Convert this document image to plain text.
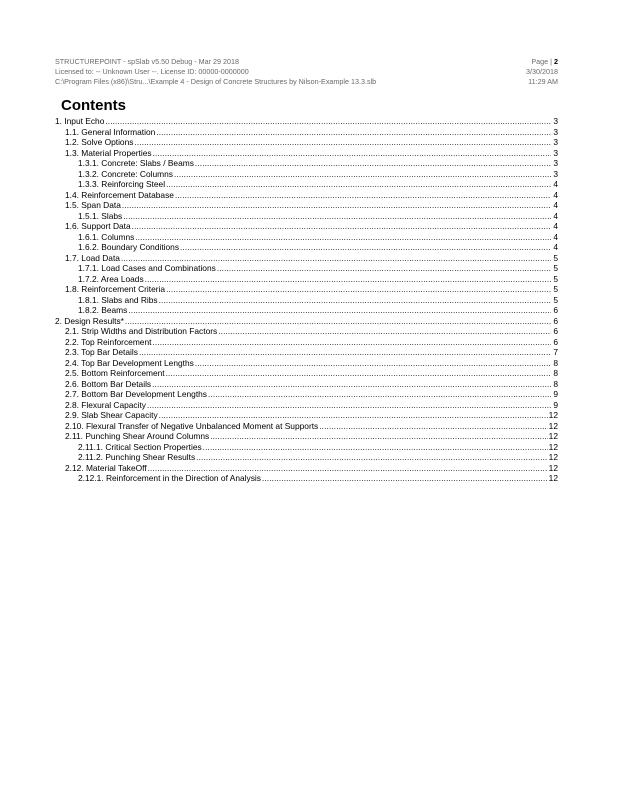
STRUCTUREPOINT - spSlab v5.50 Debug - Mar 29 2018
Licensed to: -- Unknown User --. License ID: 00000-0000000
C:\Program Files (x86)\Stru...\Example 4 - Design of Concrete Structures by Nilson-Example 13.3.slb
Page | 2
3/30/2018
11:29 AM
Contents
1. Input Echo .....	3
1.1. General Information .....	3
1.2. Solve Options .....	3
1.3. Material Properties .....	3
1.3.1. Concrete: Slabs / Beams .....	3
1.3.2. Concrete: Columns .....	3
1.3.3. Reinforcing Steel .....	4
1.4. Reinforcement Database .....	4
1.5. Span Data .....	4
1.5.1. Slabs .....	4
1.6. Support Data .....	4
1.6.1. Columns .....	4
1.6.2. Boundary Conditions .....	4
1.7. Load Data .....	5
1.7.1. Load Cases and Combinations .....	5
1.7.2. Area Loads .....	5
1.8. Reinforcement Criteria .....	5
1.8.1. Slabs and Ribs .....	5
1.8.2. Beams .....	6
2. Design Results* .....	6
2.1. Strip Widths and Distribution Factors .....	6
2.2. Top Reinforcement .....	6
2.3. Top Bar Details .....	7
2.4. Top Bar Development Lengths .....	8
2.5. Bottom Reinforcement .....	8
2.6. Bottom Bar Details .....	8
2.7. Bottom Bar Development Lengths .....	9
2.8. Flexural Capacity .....	9
2.9. Slab Shear Capacity .....	12
2.10. Flexural Transfer of Negative Unbalanced Moment at Supports .....	12
2.11. Punching Shear Around Columns .....	12
2.11.1. Critical Section Properties .....	12
2.11.2. Punching Shear Results .....	12
2.12. Material TakeOff .....	12
2.12.1. Reinforcement in the Direction of Analysis .....	12
